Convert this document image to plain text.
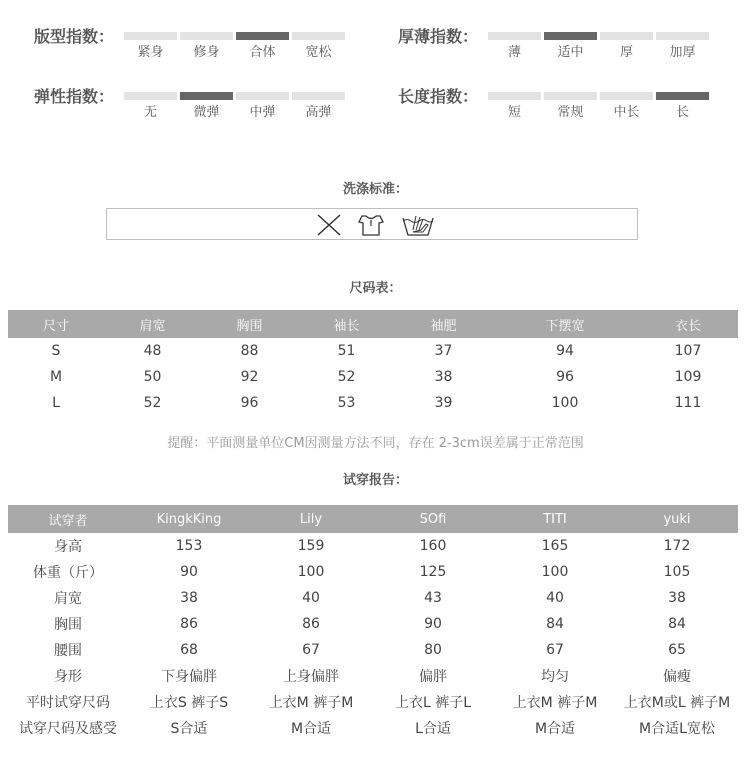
版型指数：
紧身	修身	合体	宽松
厚薄指数：
薄	适中	厚	加厚
弹性指数：
无	微弹	中弹	高弹
长度指数：
短	常规	中长	长
洗涤标准：
尺码表：
尺寸	肩宽	胸围	袖长	袖肥	下摆宽	衣长
S	48	88	51	37	94	107
M	50	92	52	38	96	109
L	52	96	53	39	100	111
提醒：平面测量单位CM因测量方法不同，存在 2-3cm误差属于正常范围
试穿报告：
试穿者	KingkKing	Lily	SOfi	TITI	yuki
身高	153	159	160	165	172
体重（斤）	90	100	125	100	105
肩宽	38	40	43	40	38
胸围	86	86	90	84	84
腰围	68	67	80	67	65
身形	下身偏胖	上身偏胖	偏胖	均匀	偏瘦
平时试穿尺码	上衣S 裤子S	上衣M 裤子M	上衣L 裤子L	上衣M 裤子M	上衣M或L 裤子M
试穿尺码及感受	S合适	M合适	L合适	M合适	M合适L宽松
